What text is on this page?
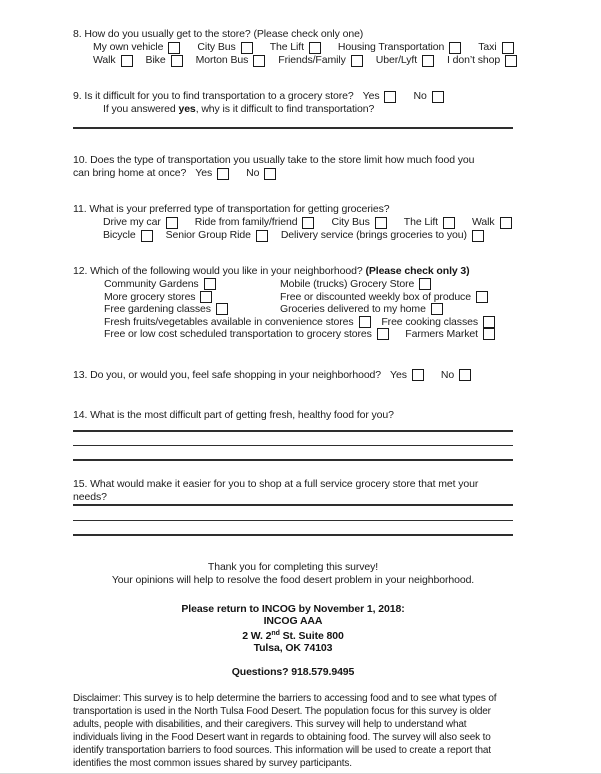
8. How do you usually get to the store? (Please check only one)
My own vehicle	City Bus	The Lift	Housing Transportation	Taxi
Walk	Bike	Morton Bus	Friends/Family	Uber/Lyft	I don’t shop
9. Is it difficult for you to find transportation to a grocery store? Yes	No
If you answered yes, why is it difficult to find transportation?
10. Does the type of transportation you usually take to the store limit how much food you
can bring home at once? Yes	No
11. What is your preferred type of transportation for getting groceries?
Drive my car	Ride from family/friend	City Bus	The Lift	Walk
Bicycle	Senior Group Ride	Delivery service (brings groceries to you)
12. Which of the following would you like in your neighborhood? (Please check only 3)
Community Gardens	Mobile (trucks) Grocery Store
More grocery stores	Free or discounted weekly box of produce
Free gardening classes	Groceries delivered to my home
Fresh fruits/vegetables available in convenience stores	Free cooking classes
Free or low cost scheduled transportation to grocery stores	Farmers Market
13. Do you, or would you, feel safe shopping in your neighborhood? Yes	No
14. What is the most difficult part of getting fresh, healthy food for you?
15. What would make it easier for you to shop at a full service grocery store that met your
needs?
Thank you for completing this survey!
Your opinions will help to resolve the food desert problem in your neighborhood.
Please return to INCOG by November 1, 2018:
INCOG AAA
2 W. 2nd St. Suite 800
Tulsa, OK 74103
Questions? 918.579.9495
Disclaimer: This survey is to help determine the barriers to accessing food and to see what types of
transportation is used in the North Tulsa Food Desert. The population focus for this survey is older
adults, people with disabilities, and their caregivers. This survey will help to understand what
individuals living in the Food Desert want in regards to obtaining food. The survey will also seek to
identify transportation barriers to food sources. This information will be used to create a report that
identifies the most common issues shared by survey participants.
